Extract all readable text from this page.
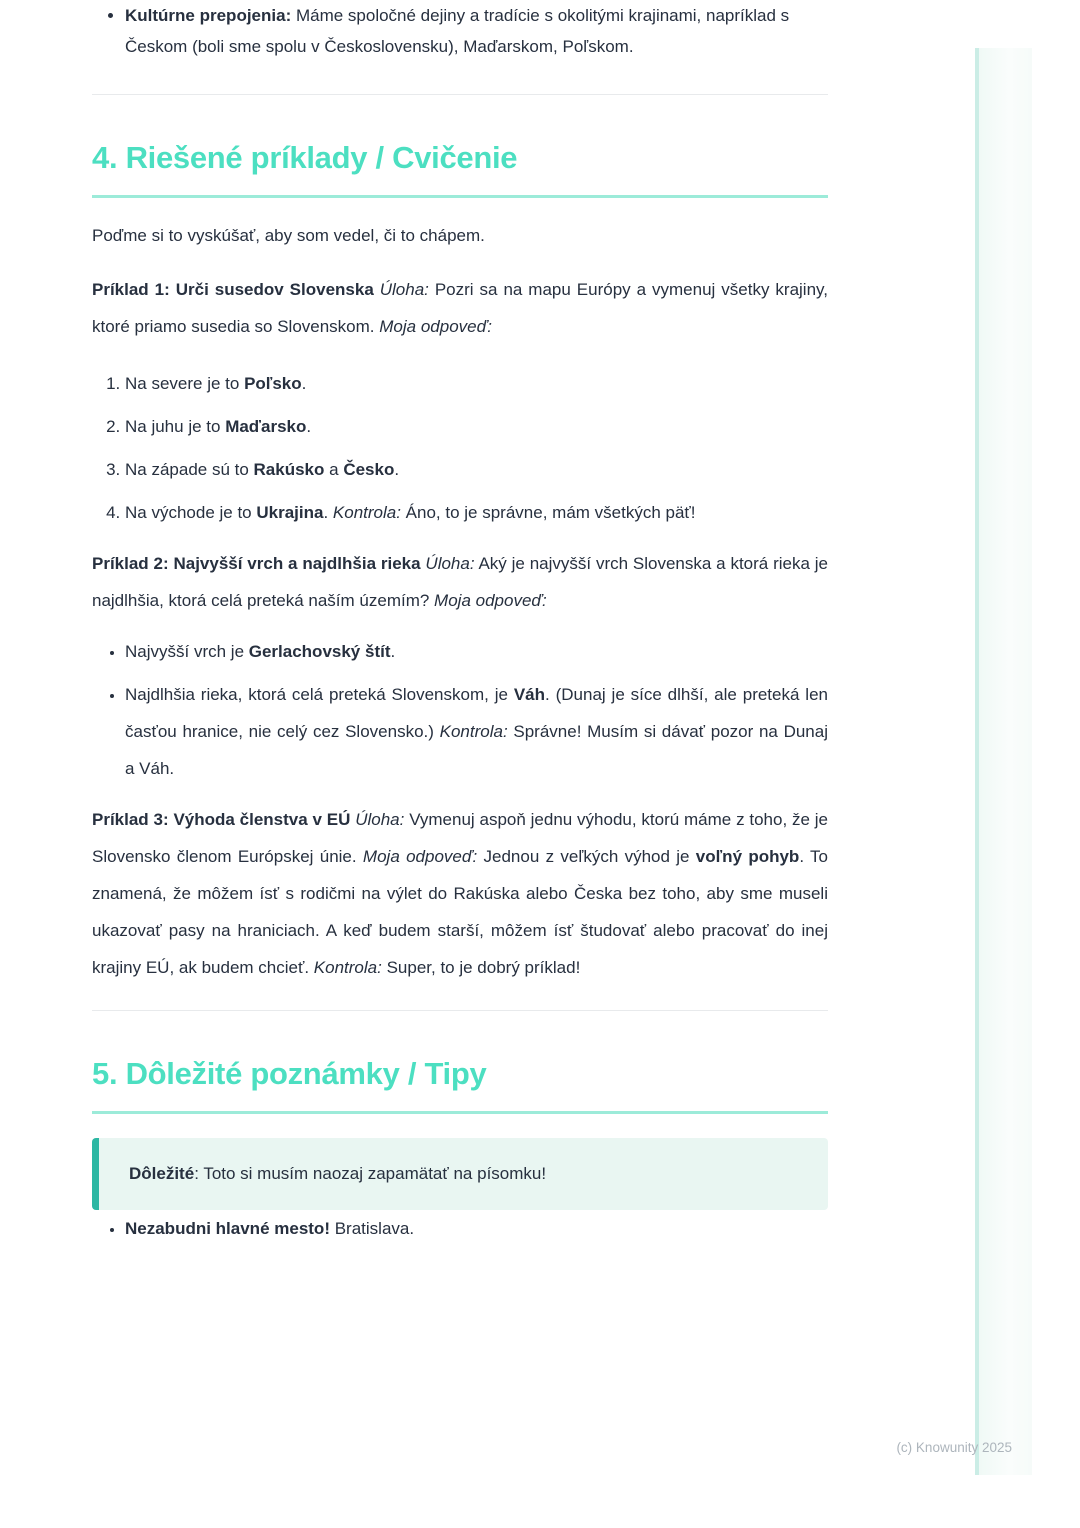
• Kultúrne prepojenia: Máme spoločné dejiny a tradície s okolitými krajinami, napríklad s Českom (boli sme spolu v Československu), Maďarskom, Poľskom.
4. Riešené príklady / Cvičenie

Poďme si to vyskúšať, aby som vedel, či to chápem.

Príklad 1: Urči susedov Slovenska Úloha: Pozri sa na mapu Európy a vymenuj všetky krajiny, ktoré priamo susedia so Slovenskom. Moja odpoveď:

1. Na severe je to Poľsko.
2. Na juhu je to Maďarsko.
3. Na západe sú to Rakúsko a Česko.
4. Na východe je to Ukrajina. Kontrola: Áno, to je správne, mám všetkých päť!

Príklad 2: Najvyšší vrch a najdlhšia rieka Úloha: Aký je najvyšší vrch Slovenska a ktorá rieka je najdlhšia, ktorá celá preteká naším územím? Moja odpoveď:

• Najvyšší vrch je Gerlachovský štít.
• Najdlhšia rieka, ktorá celá preteká Slovenskom, je Váh. (Dunaj je síce dlhší, ale preteká len časťou hranice, nie celý cez Slovensko.) Kontrola: Správne! Musím si dávať pozor na Dunaj a Váh.

Príklad 3: Výhoda členstva v EÚ Úloha: Vymenuj aspoň jednu výhodu, ktorú máme z toho, že je Slovensko členom Európskej únie. Moja odpoveď: Jednou z veľkých výhod je voľný pohyb. To znamená, že môžem ísť s rodičmi na výlet do Rakúska alebo Česka bez toho, aby sme museli ukazovať pasy na hraniciach. A keď budem starší, môžem ísť študovať alebo pracovať do inej krajiny EÚ, ak budem chcieť. Kontrola: Super, to je dobrý príklad!

5. Dôležité poznámky / Tipy

Dôležité: Toto si musím naozaj zapamätať na písomku!

• Nezabudni hlavné mesto! Bratislava.
(c) Knowunity 2025
